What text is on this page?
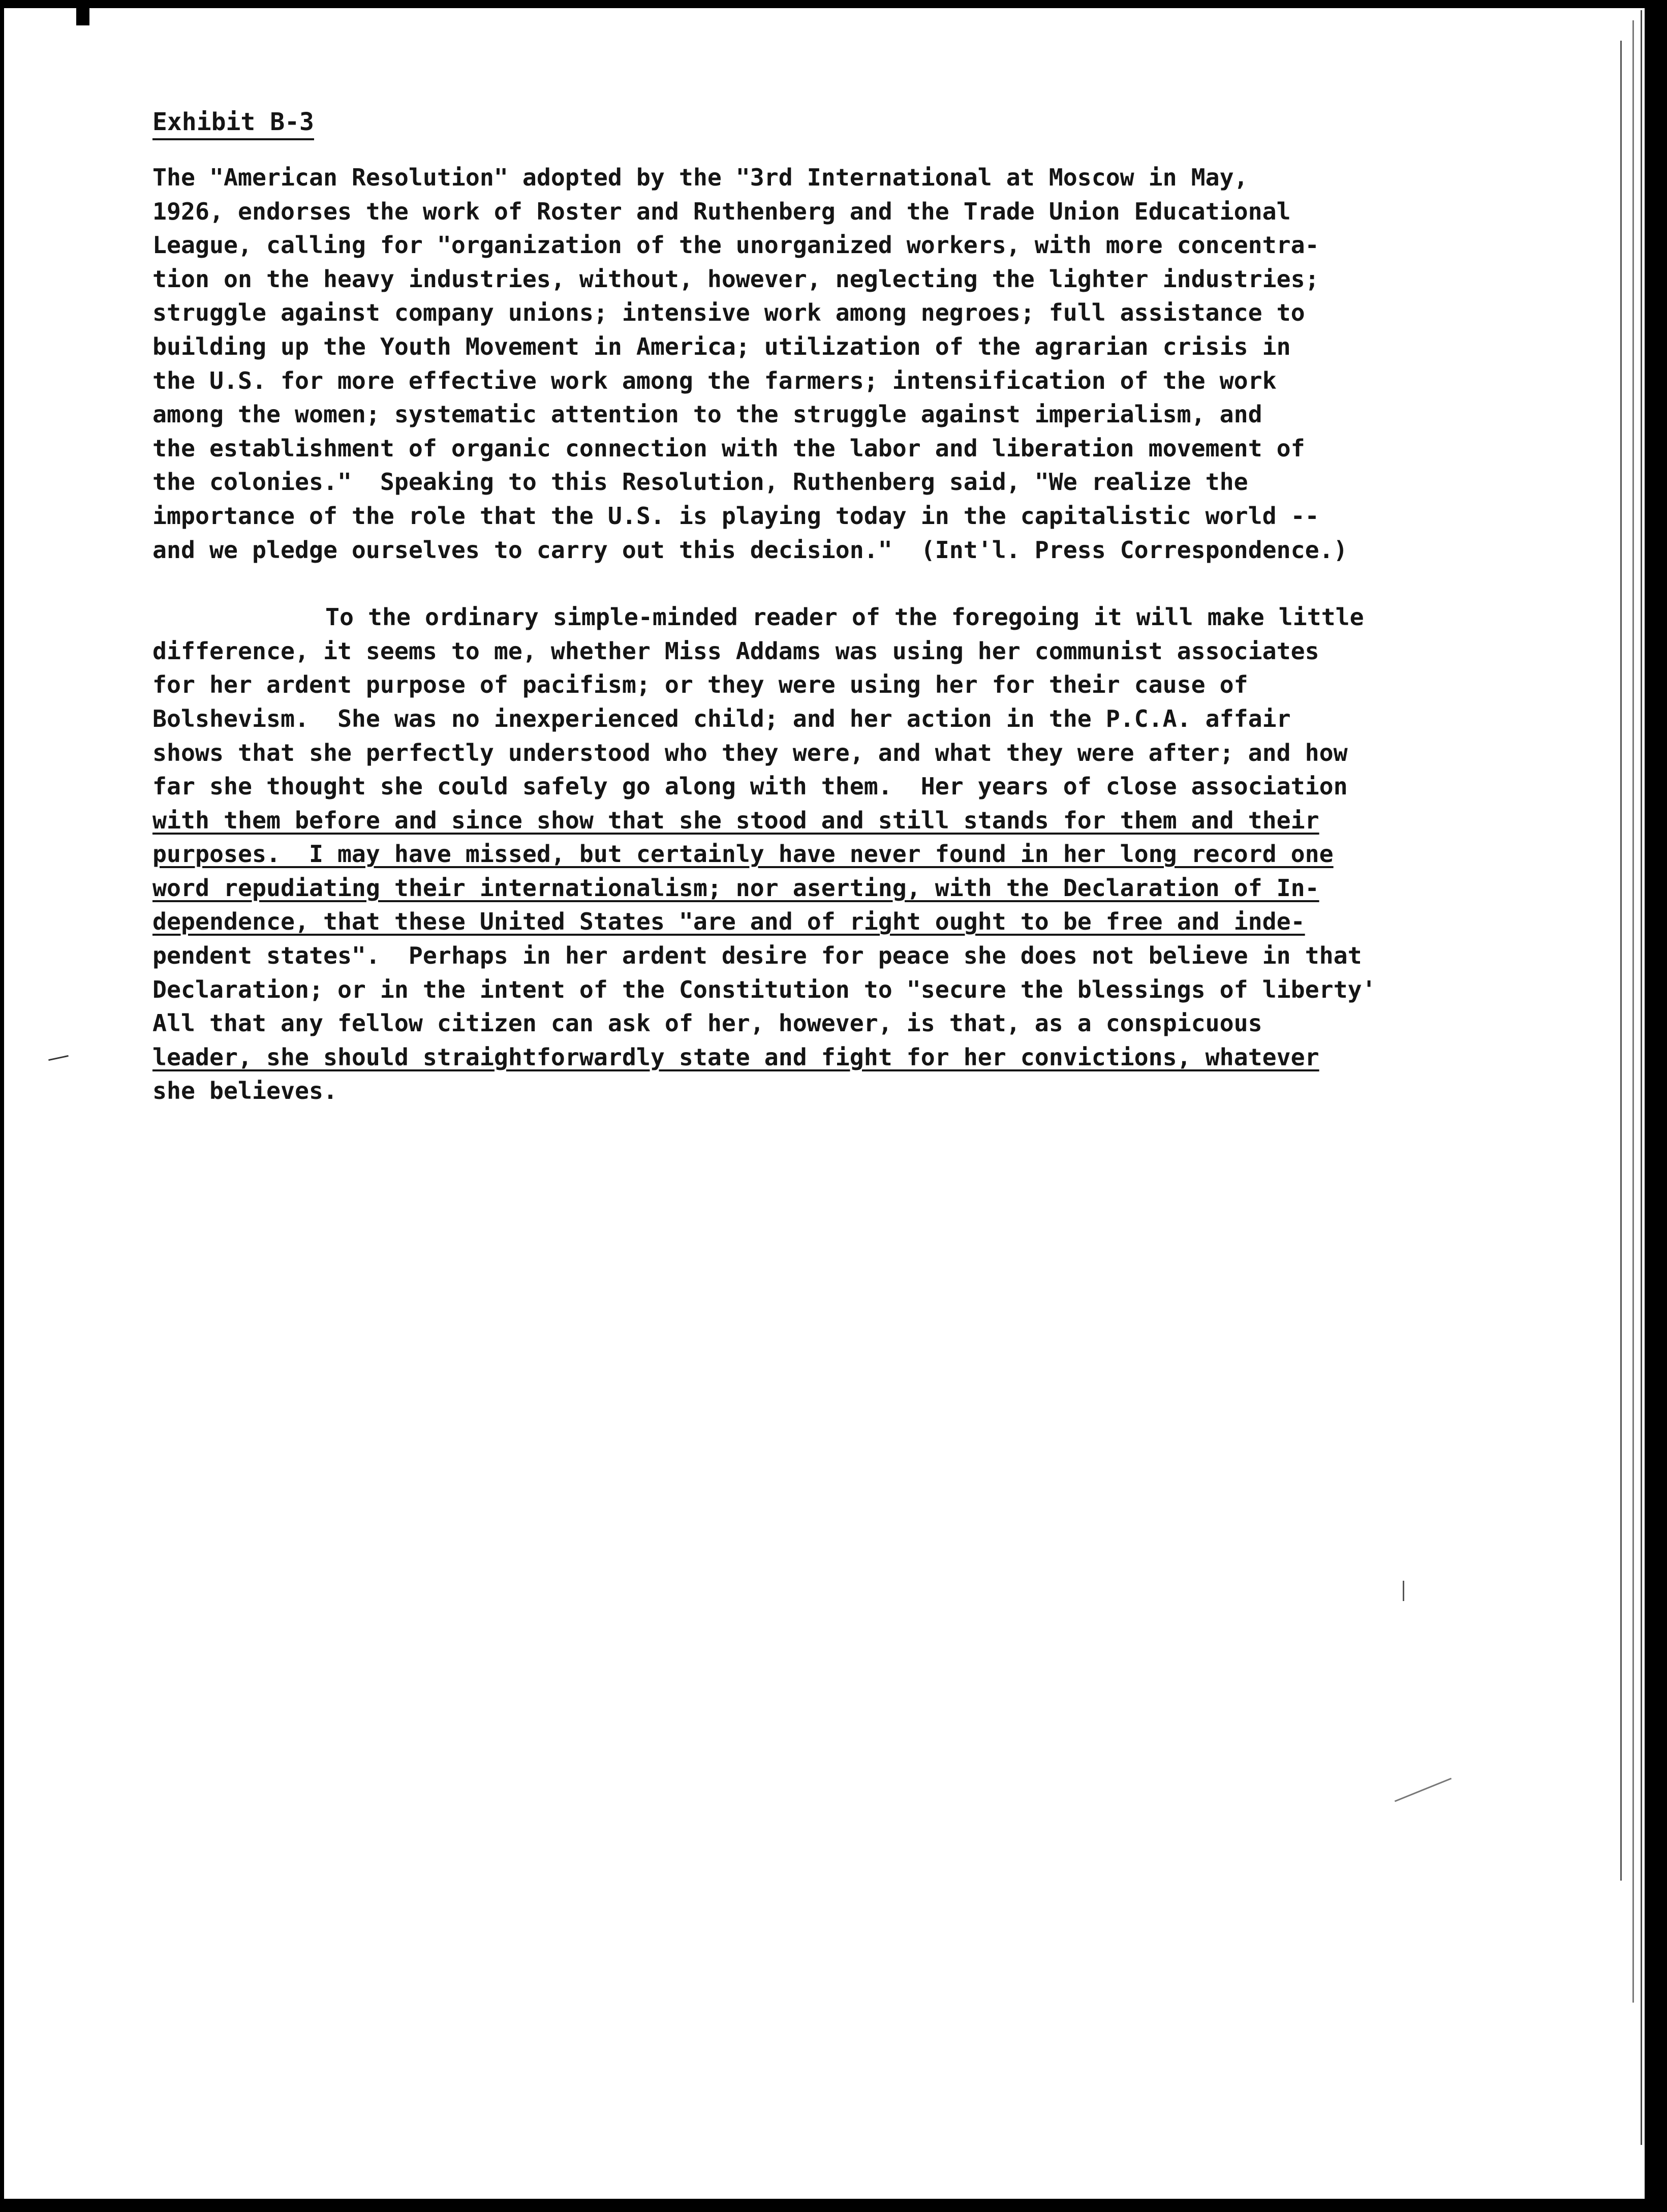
Exhibit B-3
The "American Resolution" adopted by the "3rd International at Moscow in May,
1926, endorses the work of Roster and Ruthenberg and the Trade Union Educational
League, calling for "organization of the unorganized workers, with more concentra-
tion on the heavy industries, without, however, neglecting the lighter industries;
struggle against company unions; intensive work among negroes; full assistance to
building up the Youth Movement in America; utilization of the agrarian crisis in
the U.S. for more effective work among the farmers; intensification of the work
among the women; systematic attention to the struggle against imperialism, and
the establishment of organic connection with the labor and liberation movement of
the colonies."  Speaking to this Resolution, Ruthenberg said, "We realize the
importance of the role that the U.S. is playing today in the capitalistic world --
and we pledge ourselves to carry out this decision."  (Int'l. Press Correspondence.)
To the ordinary simple-minded reader of the foregoing it will make little
difference, it seems to me, whether Miss Addams was using her communist associates
for her ardent purpose of pacifism; or they were using her for their cause of
Bolshevism.  She was no inexperienced child; and her action in the P.C.A. affair
shows that she perfectly understood who they were, and what they were after; and how
far she thought she could safely go along with them.  Her years of close association
with them before and since show that she stood and still stands for them and their
purposes.  I may have missed, but certainly have never found in her long record one
word repudiating their internationalism; nor aserting, with the Declaration of In-
dependence, that these United States "are and of right ought to be free and inde-
pendent states".  Perhaps in her ardent desire for peace she does not believe in that
Declaration; or in the intent of the Constitution to "secure the blessings of liberty'
All that any fellow citizen can ask of her, however, is that, as a conspicuous
leader, she should straightforwardly state and fight for her convictions, whatever
she believes.
